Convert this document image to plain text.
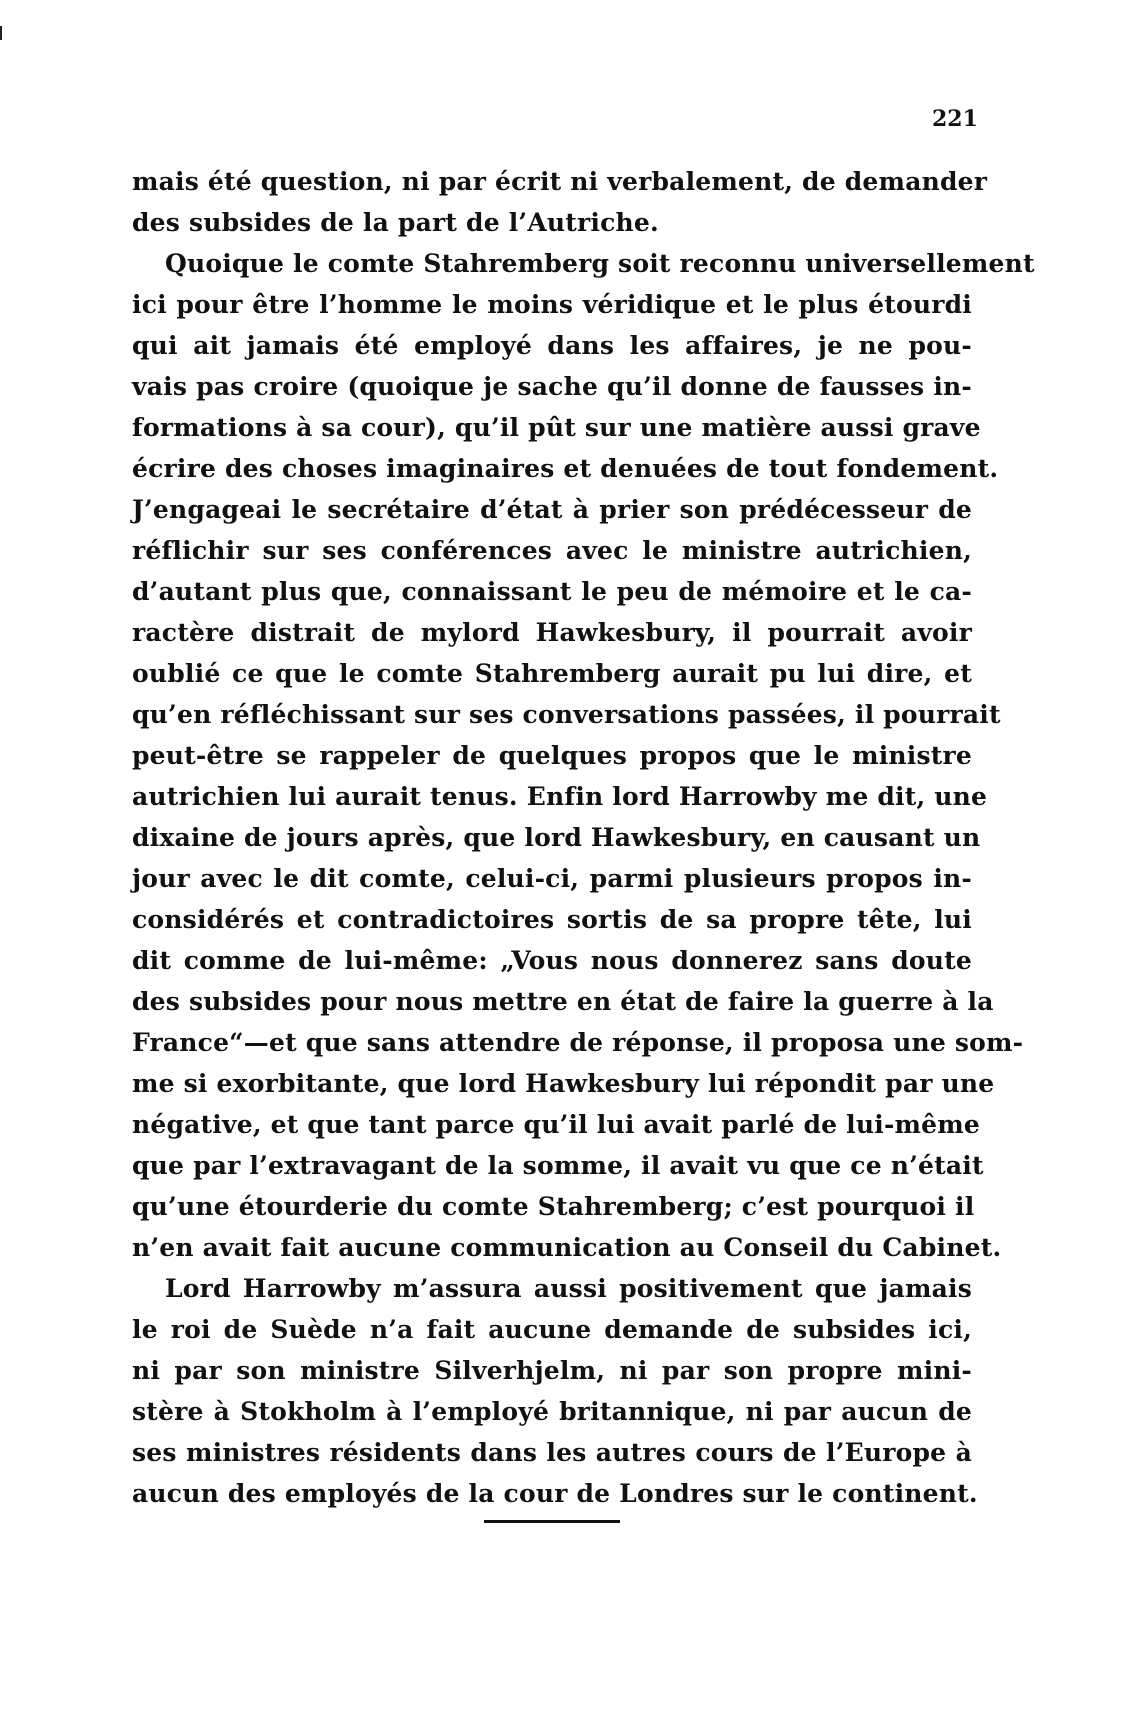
221
mais été question, ni par écrit ni verbalement, de demander
des subsides de la part de l’Autriche.
Quoique le comte Stahremberg soit reconnu universellement
ici pour être l’homme le moins véridique et le plus étourdi
qui ait jamais été employé dans les affaires, je ne pou-
vais pas croire (quoique je sache qu’il donne de fausses in-
formations à sa cour), qu’il pût sur une matière aussi grave
écrire des choses imaginaires et denuées de tout fondement.
J’engageai le secrétaire d’état à prier son prédécesseur de
réflichir sur ses conférences avec le ministre autrichien,
d’autant plus que, connaissant le peu de mémoire et le ca-
ractère distrait de mylord Hawkesbury, il pourrait avoir
oublié ce que le comte Stahremberg aurait pu lui dire, et
qu’en réfléchissant sur ses conversations passées, il pourrait
peut-être se rappeler de quelques propos que le ministre
autrichien lui aurait tenus. Enfin lord Harrowby me dit, une
dixaine de jours après, que lord Hawkesbury, en causant un
jour avec le dit comte, celui-ci, parmi plusieurs propos in-
considérés et contradictoires sortis de sa propre tête, lui
dit comme de lui-même: „Vous nous donnerez sans doute
des subsides pour nous mettre en état de faire la guerre à la
France“—et que sans attendre de réponse, il proposa une som-
me si exorbitante, que lord Hawkesbury lui répondit par une
négative, et que tant parce qu’il lui avait parlé de lui-même
que par l’extravagant de la somme, il avait vu que ce n’était
qu’une étourderie du comte Stahremberg; c’est pourquoi il
n’en avait fait aucune communication au Conseil du Cabinet.
Lord Harrowby m’assura aussi positivement que jamais
le roi de Suède n’a fait aucune demande de subsides ici,
ni par son ministre Silverhjelm, ni par son propre mini-
stère à Stokholm à l’employé britannique, ni par aucun de
ses ministres résidents dans les autres cours de l’Europe à
aucun des employés de la cour de Londres sur le continent.
